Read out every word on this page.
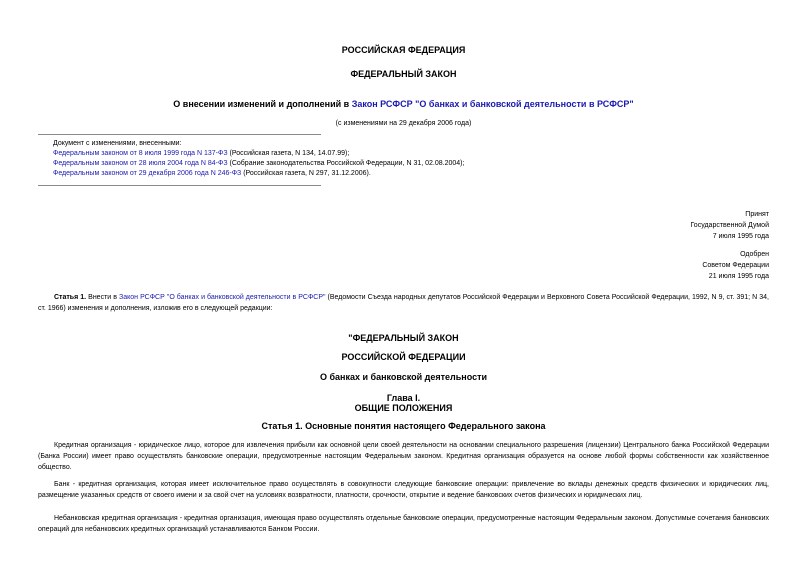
РОССИЙСКАЯ ФЕДЕРАЦИЯ
ФЕДЕРАЛЬНЫЙ ЗАКОН
О внесении изменений и дополнений в Закон РСФСР "О банках и банковской деятельности в РСФСР"
(с изменениями на 29 декабря 2006 года)
Документ с изменениями, внесенными:
Федеральным законом от 8 июля 1999 года N 137-ФЗ (Российская газета, N 134, 14.07.99);
Федеральным законом от 28 июля 2004 года N 84-ФЗ (Собрание законодательства Российской Федерации, N 31, 02.08.2004);
Федеральным законом от 29 декабря 2006 года N 246-ФЗ (Российская газета, N 297, 31.12.2006).
Принят
Государственной Думой
7 июля 1995 года
Одобрен
Советом Федерации
21 июля 1995 года
Статья 1. Внести в Закон РСФСР "О банках и банковской деятельности в РСФСР" (Ведомости Съезда народных депутатов Российской Федерации и Верховного Совета Российской Федерации, 1992, N 9, ст. 391; N 34, ст. 1966) изменения и дополнения, изложив его в следующей редакции:
"ФЕДЕРАЛЬНЫЙ ЗАКОН
РОССИЙСКОЙ ФЕДЕРАЦИИ
О банках и банковской деятельности
Глава I.
ОБЩИЕ ПОЛОЖЕНИЯ
Статья 1. Основные понятия настоящего Федерального закона
Кредитная организация - юридическое лицо, которое для извлечения прибыли как основной цели своей деятельности на основании специального разрешения (лицензии) Центрального банка Российской Федерации (Банка России) имеет право осуществлять банковские операции, предусмотренные настоящим Федеральным законом. Кредитная организация образуется на основе любой формы собственности как хозяйственное общество.
Банк - кредитная организация, которая имеет исключительное право осуществлять в совокупности следующие банковские операции: привлечение во вклады денежных средств физических и юридических лиц, размещение указанных средств от своего имени и за свой счет на условиях возвратности, платности, срочности, открытие и ведение банковских счетов физических и юридических лиц.
Небанковская кредитная организация - кредитная организация, имеющая право осуществлять отдельные банковские операции, предусмотренные настоящим Федеральным законом. Допустимые сочетания банковских операций для небанковских кредитных организаций устанавливаются Банком России.
